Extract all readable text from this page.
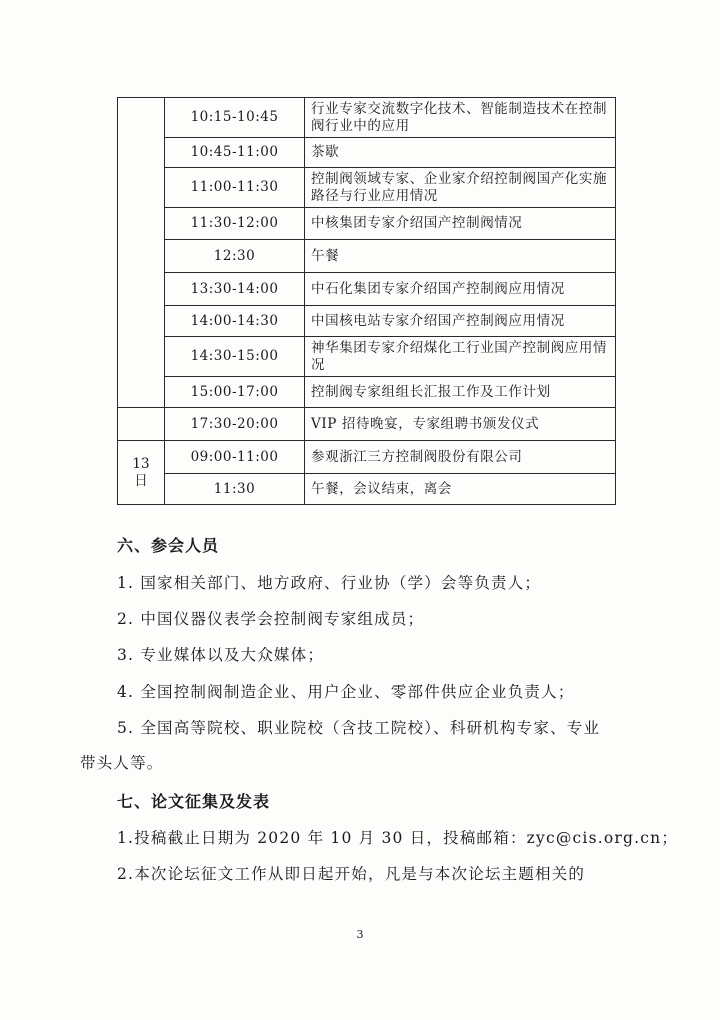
	10:15-10:45	行业专家交流数字化技术、智能制造技术在控制阀行业中的应用
	10:45-11:00	茶歇
	11:00-11:30	控制阀领域专家、企业家介绍控制阀国产化实施路径与行业应用情况
	11:30-12:00	中核集团专家介绍国产控制阀情况
	12:30	午餐
	13:30-14:00	中石化集团专家介绍国产控制阀应用情况
	14:00-14:30	中国核电站专家介绍国产控制阀应用情况
	14:30-15:00	神华集团专家介绍煤化工行业国产控制阀应用情况
	15:00-17:00	控制阀专家组组长汇报工作及工作计划
	17:30-20:00	VIP 招待晚宴，专家组聘书颁发仪式
13 日	09:00-11:00	参观浙江三方控制阀股份有限公司
	11:30	午餐，会议结束，离会
六、参会人员
1. 国家相关部门、地方政府、行业协（学）会等负责人；
2. 中国仪器仪表学会控制阀专家组成员；
3. 专业媒体以及大众媒体；
4. 全国控制阀制造企业、用户企业、零部件供应企业负责人；
5. 全国高等院校、职业院校（含技工院校）、科研机构专家、专业
带头人等。
七、论文征集及发表
1.投稿截止日期为 2020 年 10 月 30 日，投稿邮箱：zyc@cis.org.cn；
2.本次论坛征文工作从即日起开始，凡是与本次论坛主题相关的
3
